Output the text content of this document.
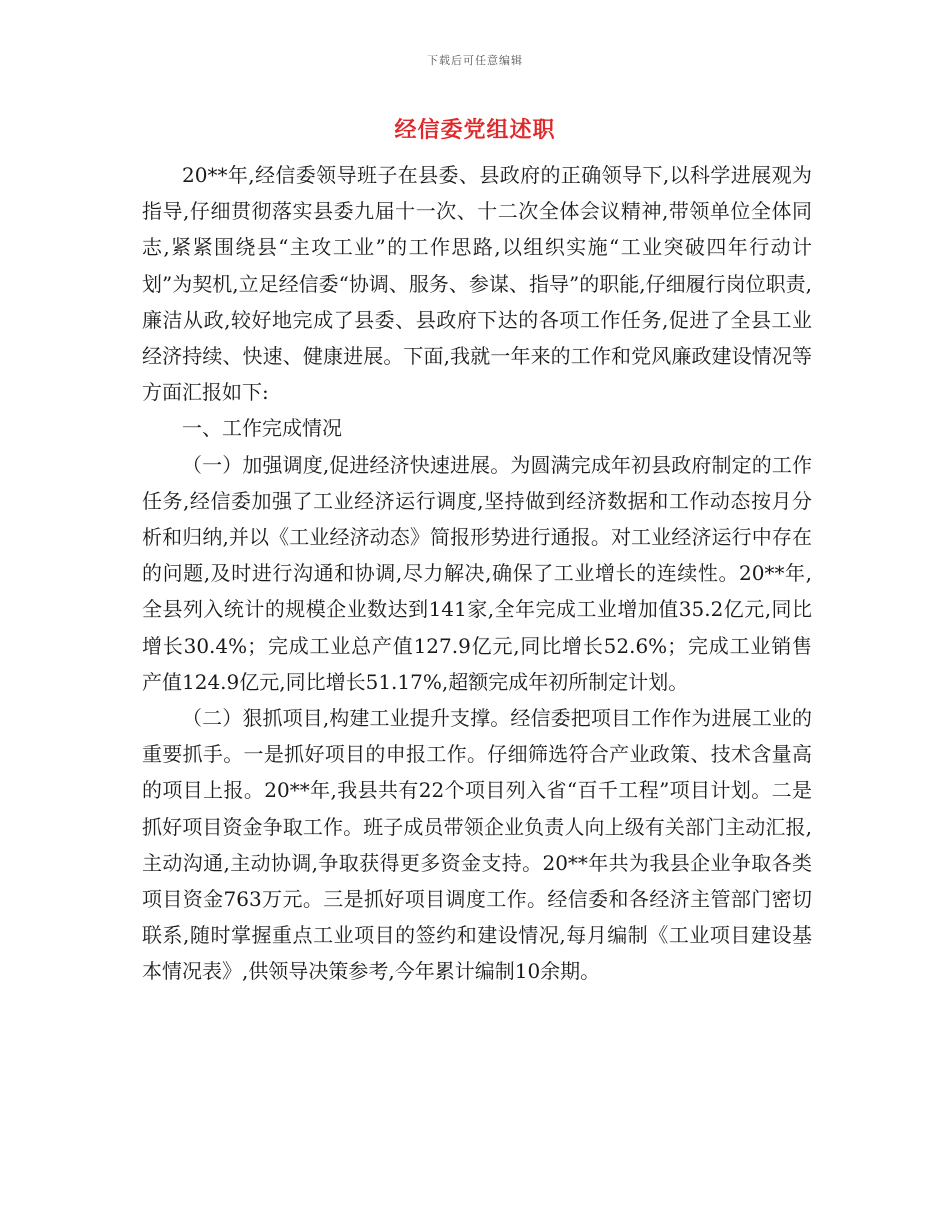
下载后可任意编辑
经信委党组述职

20**年,经信委领导班子在县委、县政府的正确领导下,以科学进展观为指导,仔细贯彻落实县委九届十一次、十二次全体会议精神,带领单位全体同志,紧紧围绕县“主攻工业”的工作思路,以组织实施“工业突破四年行动计划”为契机,立足经信委“协调、服务、参谋、指导”的职能,仔细履行岗位职责,廉洁从政,较好地完成了县委、县政府下达的各项工作任务,促进了全县工业经济持续、快速、健康进展。下面,我就一年来的工作和党风廉政建设情况等方面汇报如下:

一、工作完成情况

（一）加强调度,促进经济快速进展。为圆满完成年初县政府制定的工作任务,经信委加强了工业经济运行调度,坚持做到经济数据和工作动态按月分析和归纳,并以《工业经济动态》简报形势进行通报。对工业经济运行中存在的问题,及时进行沟通和协调,尽力解决,确保了工业增长的连续性。20**年,全县列入统计的规模企业数达到141家,全年完成工业增加值35.2亿元,同比增长30.4%；完成工业总产值127.9亿元,同比增长52.6%；完成工业销售产值124.9亿元,同比增长51.17%,超额完成年初所制定计划。

（二）狠抓项目,构建工业提升支撑。经信委把项目工作作为进展工业的重要抓手。一是抓好项目的申报工作。仔细筛选符合产业政策、技术含量高的项目上报。20**年,我县共有22个项目列入省“百千工程”项目计划。二是抓好项目资金争取工作。班子成员带领企业负责人向上级有关部门主动汇报,主动沟通,主动协调,争取获得更多资金支持。20**年共为我县企业争取各类项目资金763万元。三是抓好项目调度工作。经信委和各经济主管部门密切联系,随时掌握重点工业项目的签约和建设情况,每月编制《工业项目建设基本情况表》,供领导决策参考,今年累计编制10余期。
